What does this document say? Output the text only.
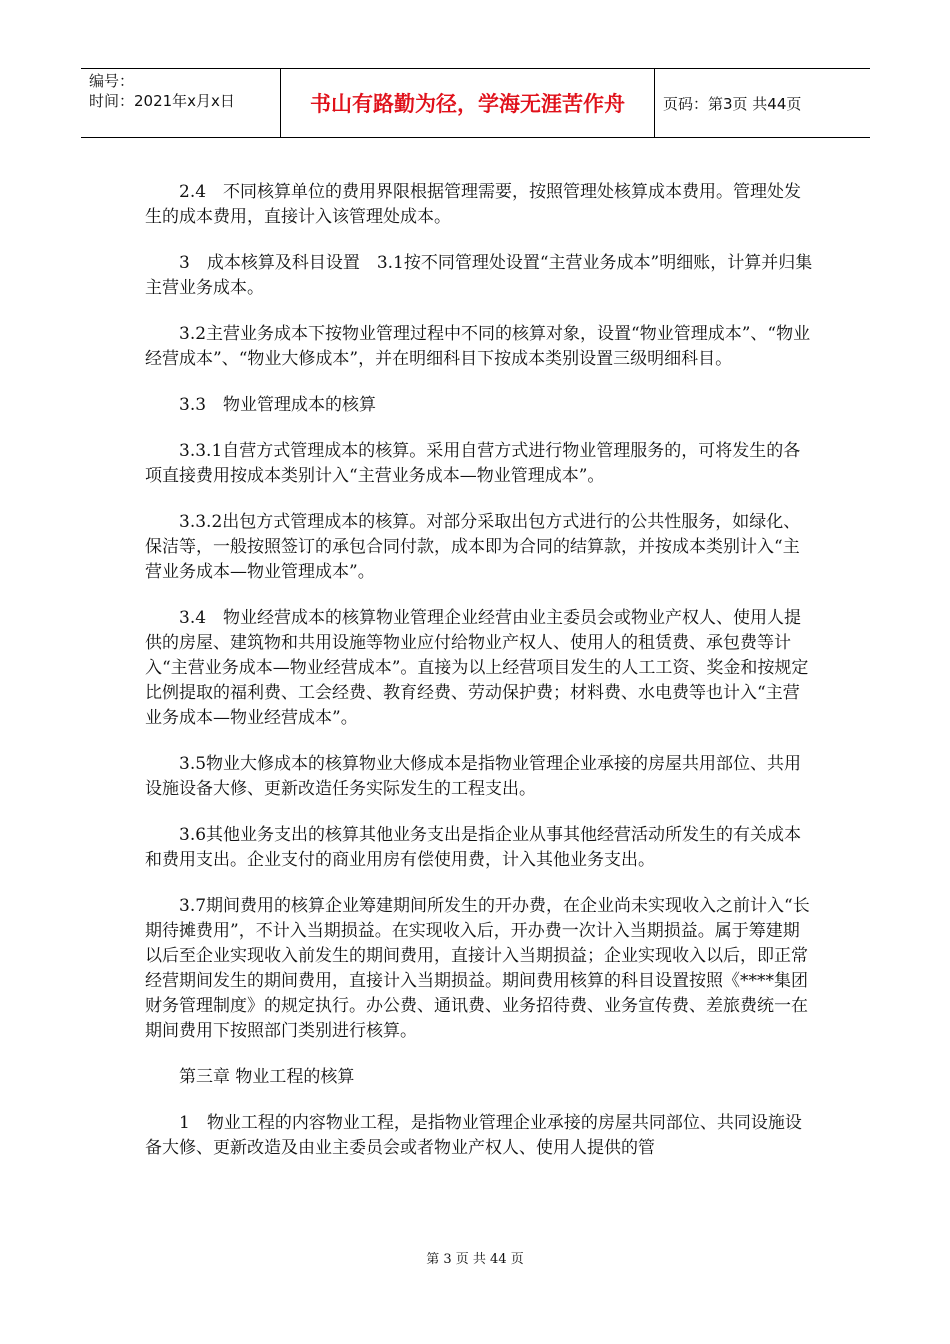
编号：
时间：2021年x月x日	书山有路勤为径，学海无涯苦作舟	页码：第3页 共44页

2.4　不同核算单位的费用界限根据管理需要，按照管理处核算成本费用。管理处发生的成本费用，直接计入该管理处成本。

3　成本核算及科目设置　3.1按不同管理处设置“主营业务成本”明细账，计算并归集主营业务成本。

3.2主营业务成本下按物业管理过程中不同的核算对象，设置“物业管理成本”、“物业经营成本”、“物业大修成本”，并在明细科目下按成本类别设置三级明细科目。

3.3　物业管理成本的核算

3.3.1自营方式管理成本的核算。采用自营方式进行物业管理服务的，可将发生的各项直接费用按成本类别计入“主营业务成本—物业管理成本”。

3.3.2出包方式管理成本的核算。对部分采取出包方式进行的公共性服务，如绿化、保洁等，一般按照签订的承包合同付款，成本即为合同的结算款，并按成本类别计入“主营业务成本—物业管理成本”。

3.4　物业经营成本的核算物业管理企业经营由业主委员会或物业产权人、使用人提供的房屋、建筑物和共用设施等物业应付给物业产权人、使用人的租赁费、承包费等计入“主营业务成本—物业经营成本”。直接为以上经营项目发生的人工工资、奖金和按规定比例提取的福利费、工会经费、教育经费、劳动保护费；材料费、水电费等也计入“主营业务成本—物业经营成本”。

3.5物业大修成本的核算物业大修成本是指物业管理企业承接的房屋共用部位、共用设施设备大修、更新改造任务实际发生的工程支出。

3.6其他业务支出的核算其他业务支出是指企业从事其他经营活动所发生的有关成本和费用支出。企业支付的商业用房有偿使用费，计入其他业务支出。

3.7期间费用的核算企业筹建期间所发生的开办费，在企业尚未实现收入之前计入“长期待摊费用”，不计入当期损益。在实现收入后，开办费一次计入当期损益。属于筹建期以后至企业实现收入前发生的期间费用，直接计入当期损益；企业实现收入以后，即正常经营期间发生的期间费用，直接计入当期损益。期间费用核算的科目设置按照《****集团财务管理制度》的规定执行。办公费、通讯费、业务招待费、业务宣传费、差旅费统一在期间费用下按照部门类别进行核算。

第三章 物业工程的核算

1　物业工程的内容物业工程，是指物业管理企业承接的房屋共同部位、共同设施设备大修、更新改造及由业主委员会或者物业产权人、使用人提供的管

第 3 页 共 44 页
